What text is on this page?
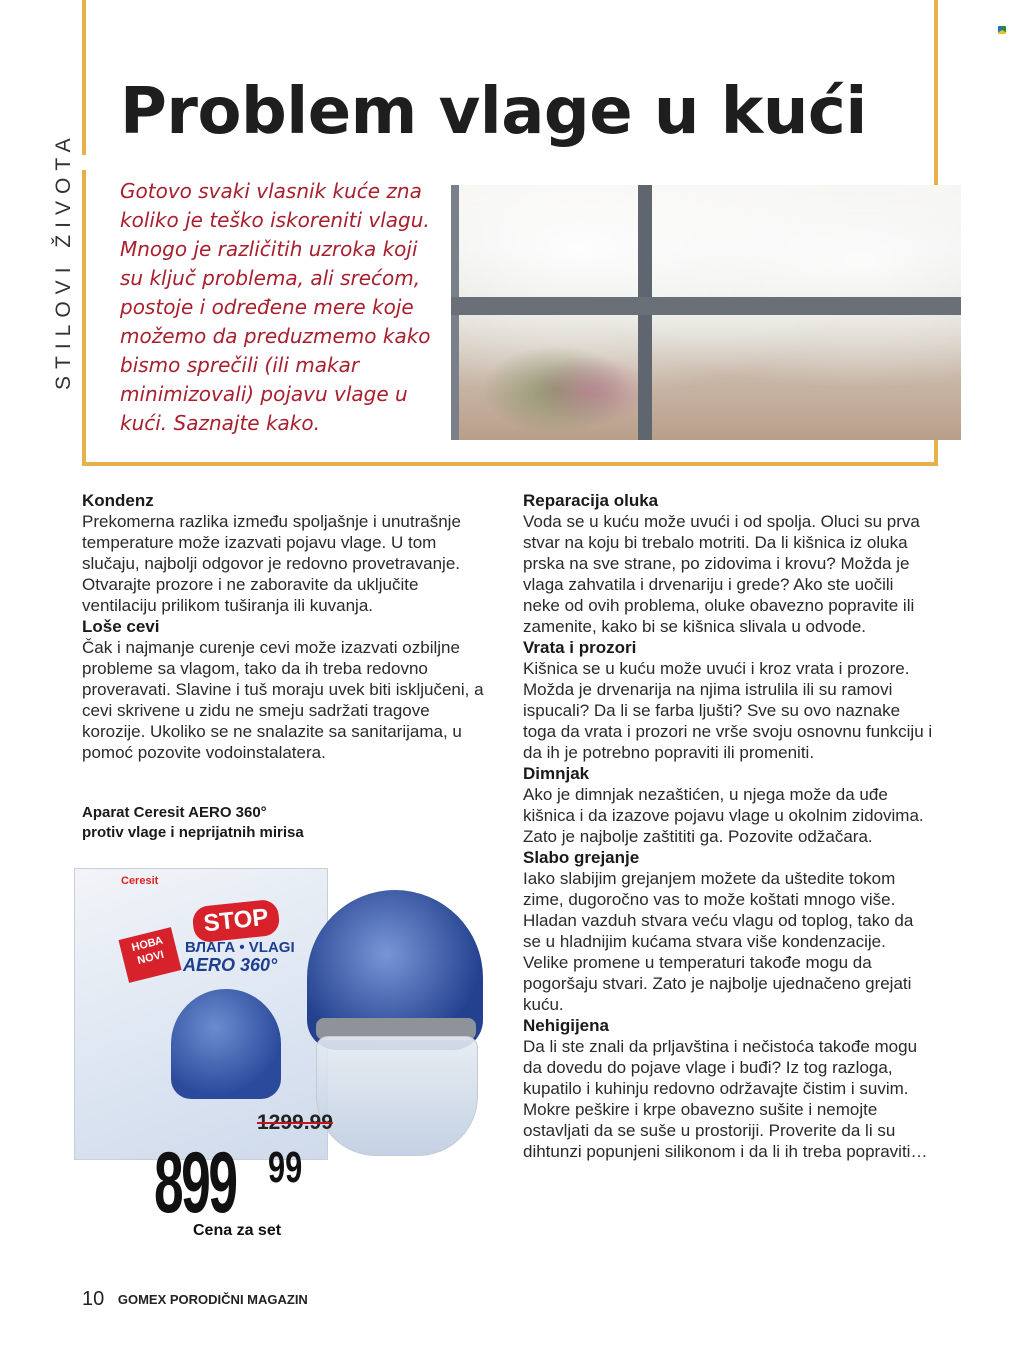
STILOVI ŽIVOTA
Problem vlage u kući
Gotovo svaki vlasnik kuće zna koliko je teško iskoreniti vlagu. Mnogo je različitih uzroka koji su ključ problema, ali srećom, postoje i određene mere koje možemo da preduzmemo kako bismo sprečili (ili makar minimizovali) pojavu vlage u kući. Saznajte kako.
Kondenz

Prekomerna razlika između spoljašnje i unutrašnje temperature može izazvati pojavu vlage. U tom slučaju, najbolji odgovor je redovno provetravanje. Otvarajte prozore i ne zaboravite da uključite ventilaciju prilikom tuširanja ili kuvanja.

Loše cevi

Čak i najmanje curenje cevi može izazvati ozbiljne probleme sa vlagom, tako da ih treba redovno proveravati. Slavine i tuš moraju uvek biti isključeni, a cevi skrivene u zidu ne smeju sadržati tragove korozije. Ukoliko se ne snalazite sa sanitarijama, u pomoć pozovite vodoinstalatera.

Reparacija oluka

Voda se u kuću može uvući i od spolja. Oluci su prva stvar na koju bi trebalo motriti. Da li kišnica iz oluka prska na sve strane, po zidovima i krovu? Možda je vlaga zahvatila i drvenariju i grede? Ako ste uočili neke od ovih problema, oluke obavezno popravite ili zamenite, kako bi se kišnica slivala u odvode.

Vrata i prozori

Kišnica se u kuću može uvući i kroz vrata i prozore. Možda je drvenarija na njima istrulila ili su ramovi ispucali? Da li se farba ljušti? Sve su ovo naznake toga da vrata i prozori ne vrše svoju osnovnu funkciju i da ih je potrebno popraviti ili promeniti.

Dimnjak

Ako je dimnjak nezaštićen, u njega može da uđe kišnica i da izazove pojavu vlage u okolnim zidovima. Zato je najbolje zaštititi ga. Pozovite odžačara.

Slabo grejanje

Iako slabijim grejanjem možete da uštedite tokom zime, dugoročno vas to može koštati mnogo više. Hladan vazduh stvara veću vlagu od toplog, tako da se u hladnijim kućama stvara više kondenzacije. Velike promene u temperaturi takođe mogu da pogoršaju stvari. Zato je najbolje ujednačeno grejati kuću.

Nehigijena

Da li ste znali da prljavština i nečistoća takođe mogu da dovedu do pojave vlage i buđi? Iz tog razloga, kupatilo i kuhinju redovno održavajte čistim i suvim. Mokre peškire i krpe obavezno sušite i nemojte ostavljati da se suše u prostoriji. Proverite da li su dihtunzi popunjeni silikonom i da li ih treba popraviti…

Aparat Ceresit AERO 360°
protiv vlage i neprijatnih mirisa
Ceresit
STOP
НОВА NOVI
ВЛАГА • VLAGI
AERO 360°
1299.99
899 99
Cena za set
10 GOMEX PORODIČNI MAGAZIN
